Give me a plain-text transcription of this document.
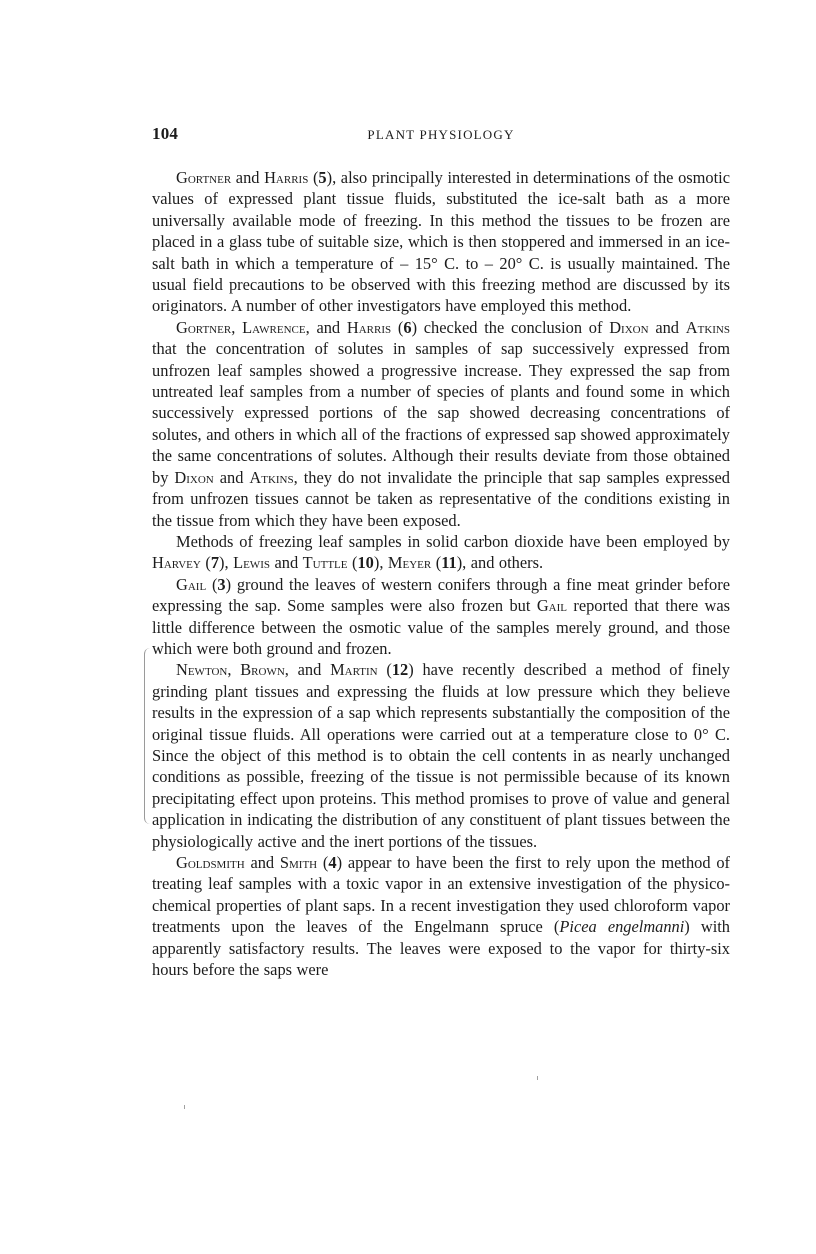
104	PLANT PHYSIOLOGY

Gortner and Harris (5), also principally interested in determinations of the osmotic values of expressed plant tissue fluids, substituted the ice-salt bath as a more universally available mode of freezing. In this method the tissues to be frozen are placed in a glass tube of suitable size, which is then stoppered and immersed in an ice-salt bath in which a temperature of – 15° C. to – 20° C. is usually maintained. The usual field precautions to be observed with this freezing method are discussed by its originators. A number of other investigators have employed this method.

Gortner, Lawrence, and Harris (6) checked the conclusion of Dixon and Atkins that the concentration of solutes in samples of sap successively expressed from unfrozen leaf samples showed a progressive increase. They expressed the sap from untreated leaf samples from a number of species of plants and found some in which successively expressed portions of the sap showed decreasing concentrations of solutes, and others in which all of the fractions of expressed sap showed approximately the same concentrations of solutes. Although their results deviate from those obtained by Dixon and Atkins, they do not invalidate the principle that sap samples expressed from unfrozen tissues cannot be taken as representative of the conditions existing in the tissue from which they have been exposed.

Methods of freezing leaf samples in solid carbon dioxide have been employed by Harvey (7), Lewis and Tuttle (10), Meyer (11), and others.

Gail (3) ground the leaves of western conifers through a fine meat grinder before expressing the sap. Some samples were also frozen but Gail reported that there was little difference between the osmotic value of the samples merely ground, and those which were both ground and frozen.

Newton, Brown, and Martin (12) have recently described a method of finely grinding plant tissues and expressing the fluids at low pressure which they believe results in the expression of a sap which represents substantially the composition of the original tissue fluids. All operations were carried out at a temperature close to 0° C. Since the object of this method is to obtain the cell contents in as nearly unchanged conditions as possible, freezing of the tissue is not permissible because of its known precipitating effect upon proteins. This method promises to prove of value and general application in indicating the distribution of any constituent of plant tissues between the physiologically active and the inert portions of the tissues.

Goldsmith and Smith (4) appear to have been the first to rely upon the method of treating leaf samples with a toxic vapor in an extensive investigation of the physico-chemical properties of plant saps. In a recent investigation they used chloroform vapor treatments upon the leaves of the Engelmann spruce (Picea engelmanni) with apparently satisfactory results. The leaves were exposed to the vapor for thirty-six hours before the saps were
